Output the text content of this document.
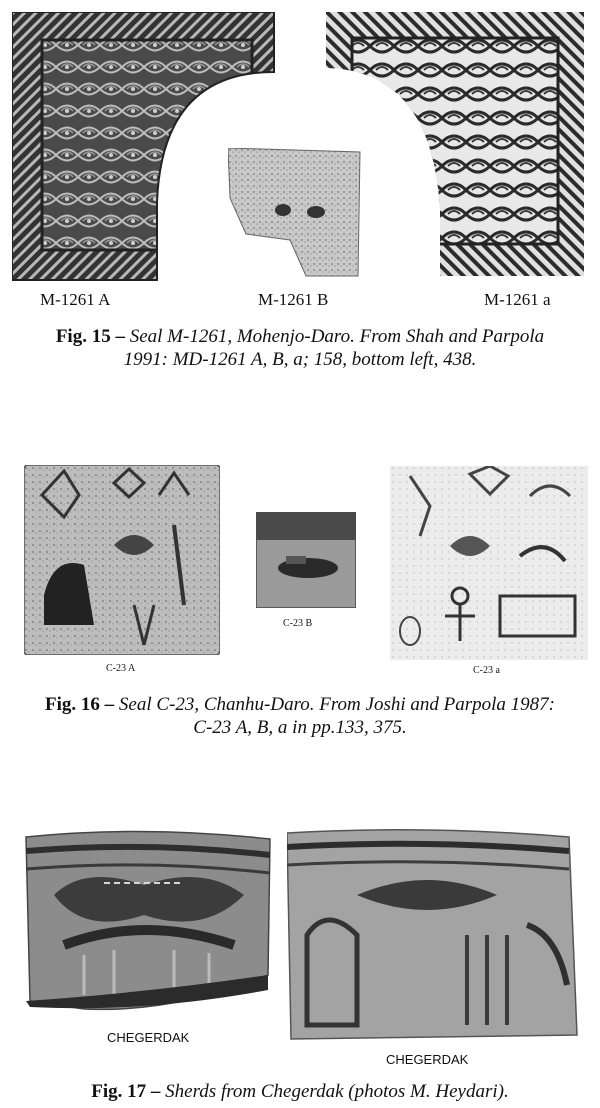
M-1261 A	M-1261 B	M-1261 a
Fig. 15 – Seal M-1261, Mohenjo-Daro. From Shah and Parpola
1991: MD-1261 A, B, a; 158, bottom left, 438.
C-23 A
C-23 B
C-23 a
Fig. 16 – Seal C-23, Chanhu-Daro. From Joshi and Parpola 1987:
C-23 A, B, a in pp.133, 375.
CHEGERDAK
CHEGERDAK
Fig. 17 – Sherds from Chegerdak (photos M. Heydari).
